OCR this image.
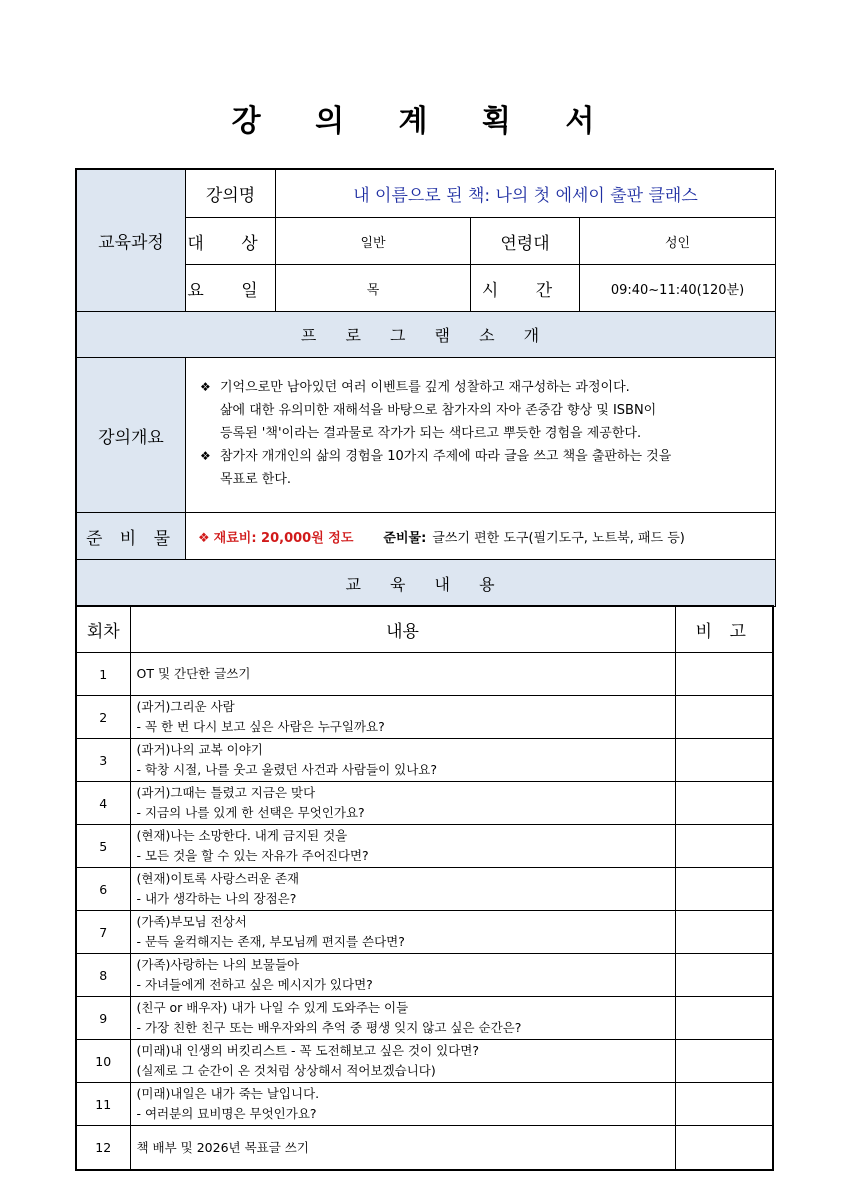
강 의 계 획 서
교육과정
강의명	내 이름으로 된 책: 나의 첫 에세이 출판 클래스
대 상	일반	연령대	성인
요 일	목	시 간	09:40~11:40(120분)
프 로 그 램 소 개
강의개요
❖ 기억으로만 남아있던 여러 이벤트를 깊게 성찰하고 재구성하는 과정이다.
삶에 대한 유의미한 재해석을 바탕으로 참가자의 자아 존중감 향상 및 ISBN이
등록된 '책'이라는 결과물로 작가가 되는 색다르고 뿌듯한 경험을 제공한다.
❖ 참가자 개개인의 삶의 경험을 10가지 주제에 따라 글을 쓰고 책을 출판하는 것을
목표로 한다.
준 비 물	❖ 재료비: 20,000원 정도 준비물: 글쓰기 편한 도구(필기도구, 노트북, 패드 등)
교 육 내 용
회차	내용	비 고
1	OT 및 간단한 글쓰기	
2	(과거)그리운 사람
- 꼭 한 번 다시 보고 싶은 사람은 누구일까요?	
3	(과거)나의 교복 이야기
- 학창 시절, 나를 웃고 울렸던 사건과 사람들이 있나요?	
4	(과거)그때는 틀렸고 지금은 맞다
- 지금의 나를 있게 한 선택은 무엇인가요?	
5	(현재)나는 소망한다. 내게 금지된 것을
- 모든 것을 할 수 있는 자유가 주어진다면?	
6	(현재)이토록 사랑스러운 존재
- 내가 생각하는 나의 장점은?	
7	(가족)부모님 전상서
- 문득 울컥해지는 존재, 부모님께 편지를 쓴다면?	
8	(가족)사랑하는 나의 보물들아
- 자녀들에게 전하고 싶은 메시지가 있다면?	
9	(친구 or 배우자) 내가 나일 수 있게 도와주는 이들
- 가장 친한 친구 또는 배우자와의 추억 중 평생 잊지 않고 싶은 순간은?	
10	(미래)내 인생의 버킷리스트 - 꼭 도전해보고 싶은 것이 있다면?
(실제로 그 순간이 온 것처럼 상상해서 적어보겠습니다)	
11	(미래)내일은 내가 죽는 날입니다.
- 여러분의 묘비명은 무엇인가요?	
12	책 배부 및 2026년 목표글 쓰기	
